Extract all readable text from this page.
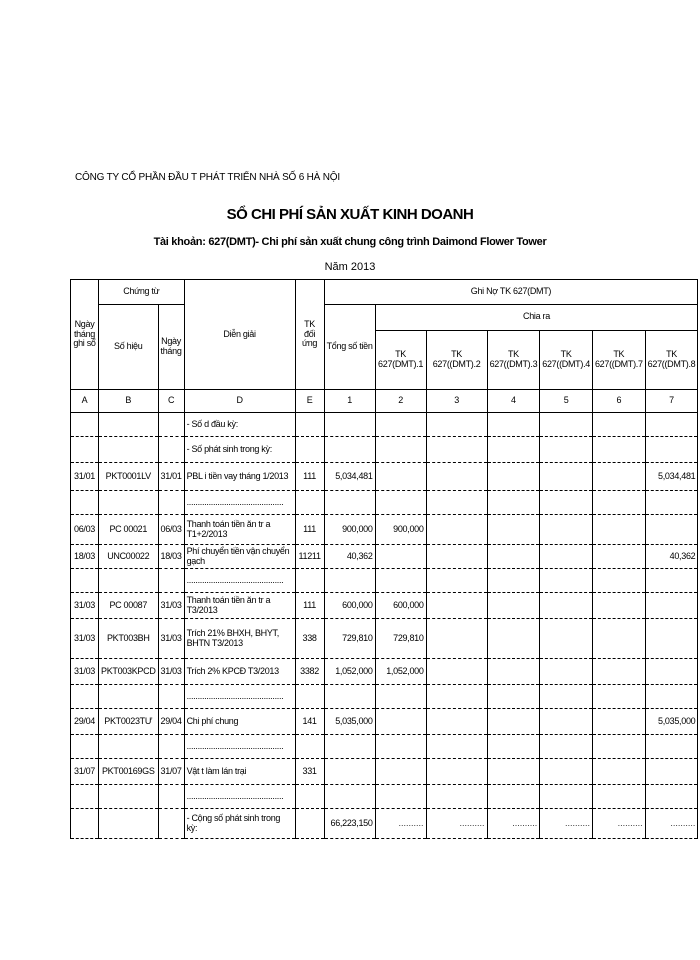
CÔNG TY CỔ PHẦN ĐẦU T PHÁT TRIỂN NHÀ SỐ 6 HÀ NỘI
SỔ CHI PHÍ SẢN XUẤT KINH DOANH
Tài khoản: 627(DMT)- Chi phí sản xuất chung công trình Daimond Flower Tower
Năm 2013
Ngày tháng ghi sổ	Chứng từ		Diễn giải	TK đối ứng	Ghi Nợ TK 627(DMT)						
	Số hiệu	Ngày tháng			Tổng số tiền	Chia ra					
						TK 627(DMT).1	TK 627((DMT).2	TK 627((DMT).3	TK 627((DMT).4	TK 627((DMT).7	TK 627((DMT).8
A	B	C	D	E	1	2	3	4	5	6	7
			- Số d đầu kỳ:								
			- Số phát sinh trong kỳ:								
31/01	PKT0001LV	31/01	PBL i tiền vay tháng 1/2013	111	5,034,481						5,034,481
			............................................								
06/03	PC 00021	06/03	Thanh toán tiền ăn tr a T1+2/2013	111	900,000	900,000					
18/03	UNC00022	18/03	Phí chuyển tiền vận chuyển gạch	11211	40,362						40,362
			............................................								
31/03	PC 00087	31/03	Thanh toán tiền ăn tr a T3/2013	111	600,000	600,000					
31/03	PKT003BH	31/03	Trích 21% BHXH, BHYT, BHTN T3/2013	338	729,810	729,810					
31/03	PKT003KPCD	31/03	Trích 2% KPCĐ T3/2013	3382	1,052,000	1,052,000					
			............................................								
29/04	PKT0023TƯ	29/04	Chi phí chung	141	5,035,000						5,035,000
			............................................								
31/07	PKT00169GS	31/07	Vật t làm lán trại	331							
			............................................								
			- Cộng số phát sinh trong kỳ:		66,223,150	..........	..........	..........	..........	..........	..........
